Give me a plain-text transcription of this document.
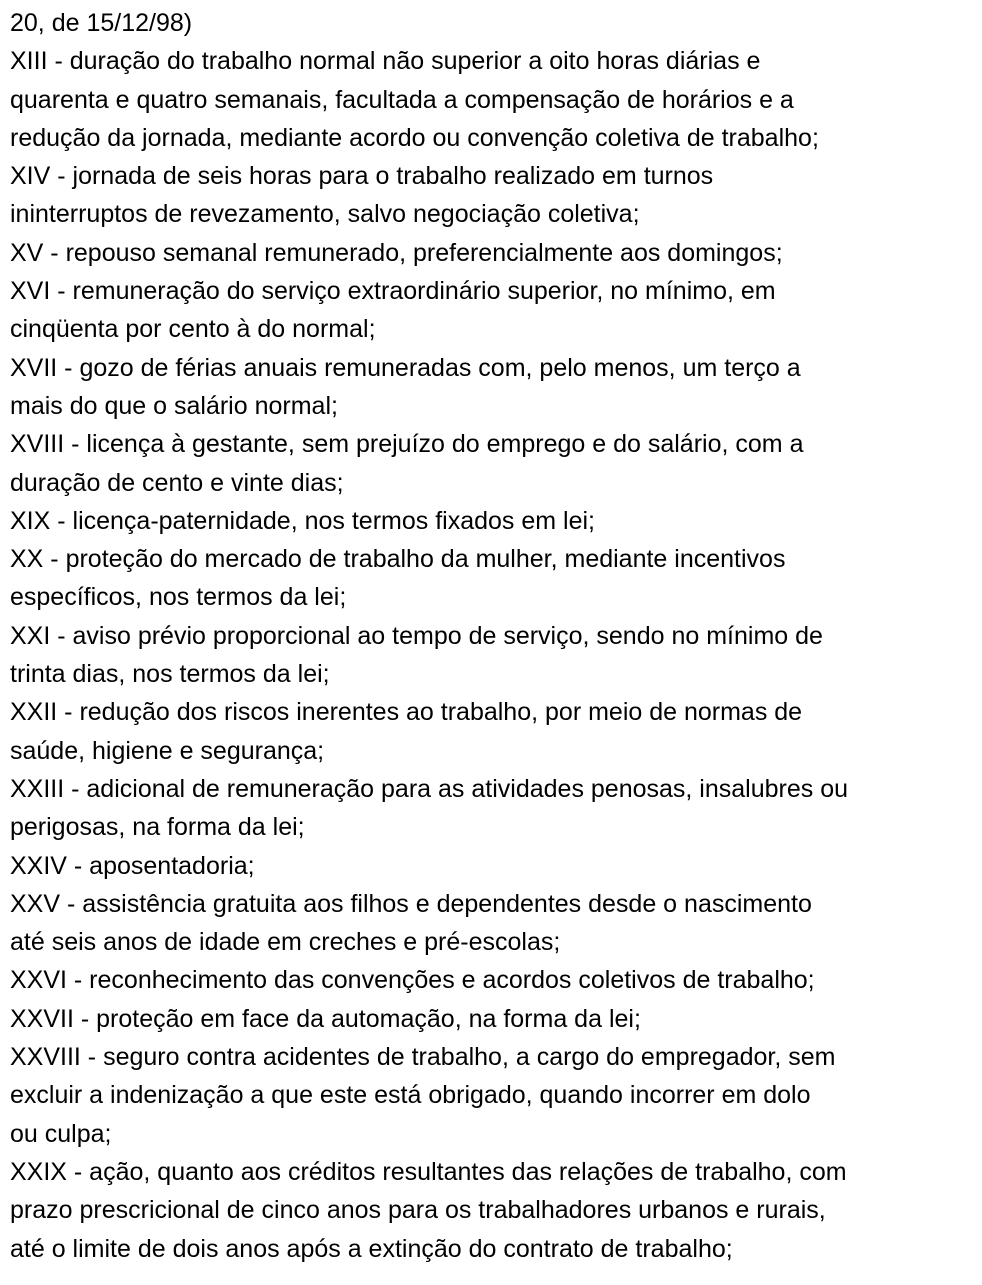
20, de 15/12/98)
XIII - duração do trabalho normal não superior a oito horas diárias e
quarenta e quatro semanais, facultada a compensação de horários e a
redução da jornada, mediante acordo ou convenção coletiva de trabalho;
XIV - jornada de seis horas para o trabalho realizado em turnos
ininterruptos de revezamento, salvo negociação coletiva;
XV - repouso semanal remunerado, preferencialmente aos domingos;
XVI - remuneração do serviço extraordinário superior, no mínimo, em
cinqüenta por cento à do normal;
XVII - gozo de férias anuais remuneradas com, pelo menos, um terço a
mais do que o salário normal;
XVIII - licença à gestante, sem prejuízo do emprego e do salário, com a
duração de cento e vinte dias;
XIX - licença-paternidade, nos termos fixados em lei;
XX - proteção do mercado de trabalho da mulher, mediante incentivos
específicos, nos termos da lei;
XXI - aviso prévio proporcional ao tempo de serviço, sendo no mínimo de
trinta dias, nos termos da lei;
XXII - redução dos riscos inerentes ao trabalho, por meio de normas de
saúde, higiene e segurança;
XXIII - adicional de remuneração para as atividades penosas, insalubres ou
perigosas, na forma da lei;
XXIV - aposentadoria;
XXV - assistência gratuita aos filhos e dependentes desde o nascimento
até seis anos de idade em creches e pré-escolas;
XXVI - reconhecimento das convenções e acordos coletivos de trabalho;
XXVII - proteção em face da automação, na forma da lei;
XXVIII - seguro contra acidentes de trabalho, a cargo do empregador, sem
excluir a indenização a que este está obrigado, quando incorrer em dolo
ou culpa;
XXIX - ação, quanto aos créditos resultantes das relações de trabalho, com
prazo prescricional de cinco anos para os trabalhadores urbanos e rurais,
até o limite de dois anos após a extinção do contrato de trabalho;
